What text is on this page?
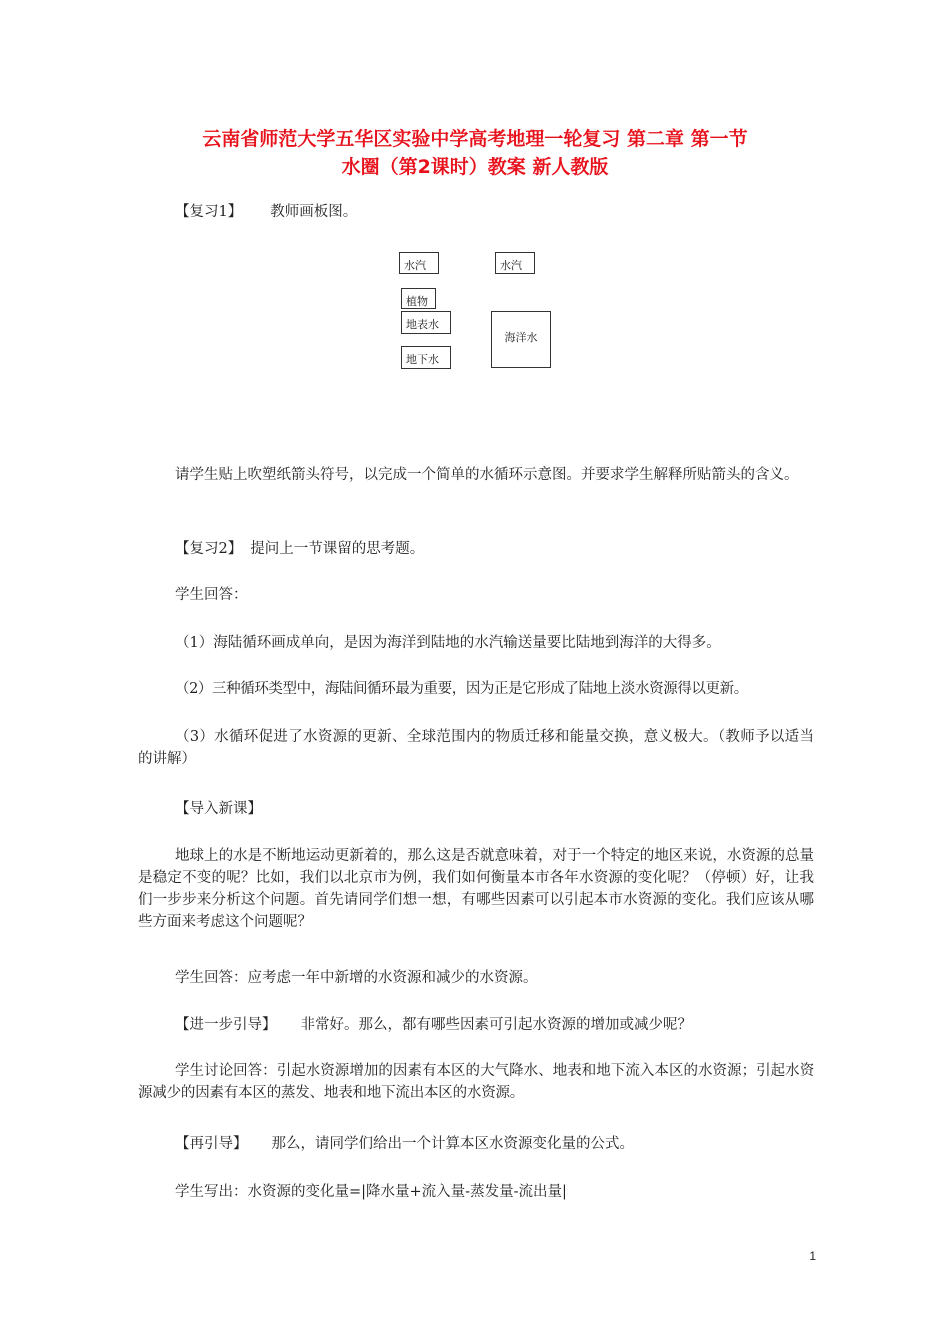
云南省师范大学五华区实验中学高考地理一轮复习 第二章 第一节
水圈（第2课时）教案 新人教版
【复习1】 教师画板图。
水汽	水汽
植物
地表水
地下水
海洋水
请学生贴上吹塑纸箭头符号，以完成一个简单的水循环示意图。并要求学生解释所贴箭头的含义。
【复习2】 提问上一节课留的思考题。
学生回答：
（1）海陆循环画成单向，是因为海洋到陆地的水汽输送量要比陆地到海洋的大得多。
（2）三种循环类型中，海陆间循环最为重要，因为正是它形成了陆地上淡水资源得以更新。
（3）水循环促进了水资源的更新、全球范围内的物质迁移和能量交换，意义极大。（教师予以适当的讲解）
【导入新课】
地球上的水是不断地运动更新着的，那么这是否就意味着，对于一个特定的地区来说，水资源的总量是稳定不变的呢？比如，我们以北京市为例，我们如何衡量本市各年水资源的变化呢？（停顿）好，让我们一步步来分析这个问题。首先请同学们想一想，有哪些因素可以引起本市水资源的变化。我们应该从哪些方面来考虑这个问题呢？
学生回答：应考虑一年中新增的水资源和减少的水资源。
【进一步引导】 非常好。那么，都有哪些因素可引起水资源的增加或减少呢？
学生讨论回答：引起水资源增加的因素有本区的大气降水、地表和地下流入本区的水资源；引起水资源减少的因素有本区的蒸发、地表和地下流出本区的水资源。
【再引导】 那么，请同学们给出一个计算本区水资源变化量的公式。
学生写出：水资源的变化量=|降水量+流入量-蒸发量-流出量|
1
